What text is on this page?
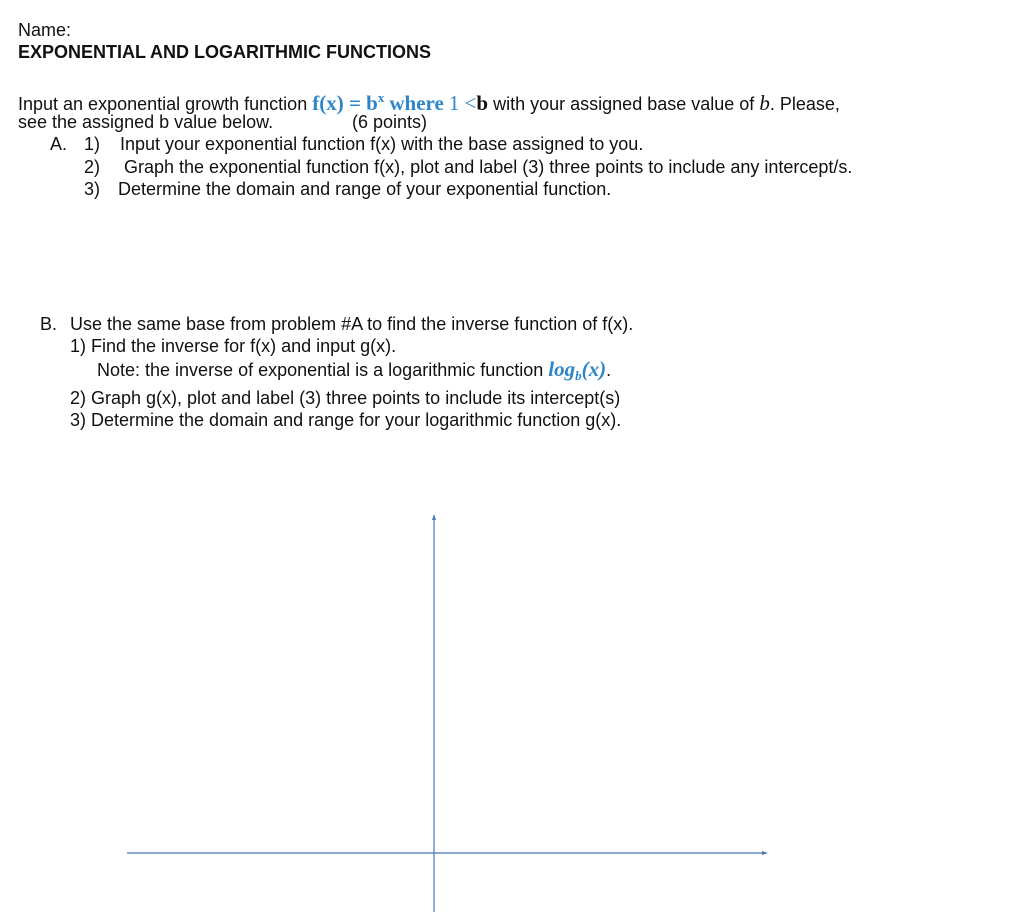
Name:
EXPONENTIAL AND LOGARITHMIC FUNCTIONS
Input an exponential growth function $f(x) = b^x$ where 1 <b with your assigned base value of b. Please,
see the assigned b value below.	(6 points)
A. 1) Input your exponential function f(x) with the base assigned to you.
2) Graph the exponential function f(x), plot and label (3) three points to include any intercept/s.
3) Determine the domain and range of your exponential function.
B. Use the same base from problem #A to find the inverse function of f(x).
1) Find the inverse for f(x) and input g(x).
Note: the inverse of exponential is a logarithmic function $\log_b(x)$.
2) Graph g(x), plot and label (3) three points to include its intercept(s)
3) Determine the domain and range for your logarithmic function g(x).
